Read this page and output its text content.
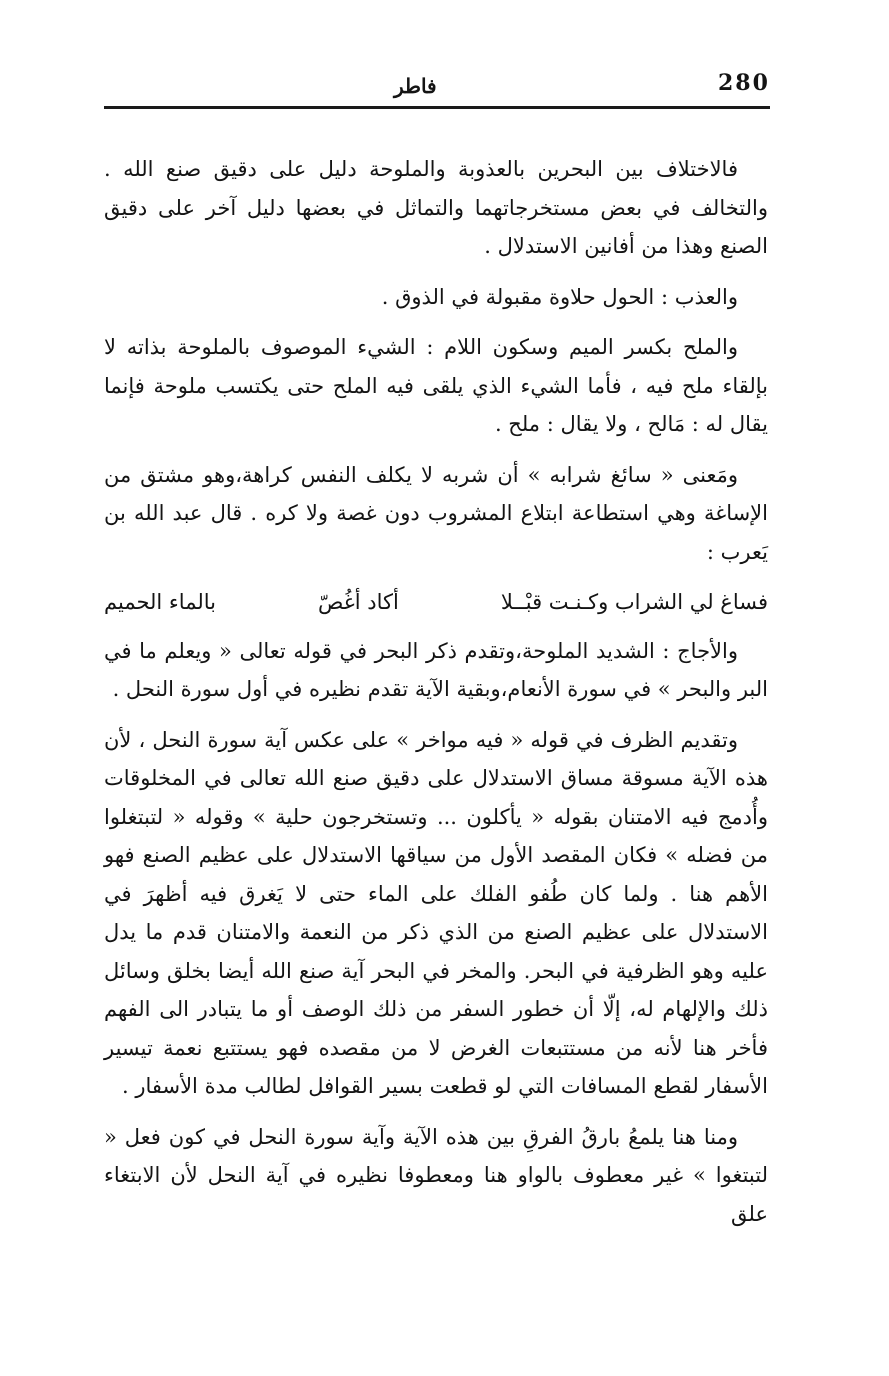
280
فاطر

فالاختلاف بين البحرين بالعذوبة والملوحة دليل على دقيق صنع الله . والتخالف في بعض مستخرجاتهما والتماثل في بعضها دليل آخر على دقيق الصنع وهذا من أفانين الاستدلال .

والعذب : الحول حلاوة مقبولة في الذوق .

والملح بكسر الميم وسكون اللام : الشيء الموصوف بالملوحة بذاته لا بإلقاء ملح فيه ، فأما الشيء الذي يلقى فيه الملح حتى يكتسب ملوحة فإنما يقال له : مَالح ، ولا يقال : ملح .

ومَعنى « سائغ شرابه » أن شربه لا يكلف النفس كراهة،وهو مشتق من الإساغة وهي استطاعة ابتلاع المشروب دون غصة ولا كره . قال عبد الله بن يَعرب :

فساغ لي الشراب وكـنـت قبْــلا
أكاد أغُصّ
بالماء الحميم

والأجاج : الشديد الملوحة،وتقدم ذكر البحر في قوله تعالى « ويعلم ما في البر والبحر » في سورة الأنعام،وبقية الآية تقدم نظيره في أول سورة النحل .

وتقديم الظرف في قوله « فيه مواخر » على عكس آية سورة النحل ، لأن هذه الآية مسوقة مساق الاستدلال على دقيق صنع الله تعالى في المخلوقات وأُدمج فيه الامتنان بقوله « يأكلون ... وتستخرجون حلية » وقوله « لتبتغلوا من فضله » فكان المقصد الأول من سياقها الاستدلال على عظيم الصنع فهو الأهم هنا . ولما كان طُفو الفلك على الماء حتى لا يَغرق فيه أظهرَ في الاستدلال على عظيم الصنع من الذي ذكر من النعمة والامتنان قدم ما يدل عليه وهو الظرفية في البحر. والمخر في البحر آية صنع الله أيضا بخلق وسائل ذلك والإلهام له، إلّا أن خطور السفر من ذلك الوصف أو ما يتبادر الى الفهم فأخر هنا لأنه من مستتبعات الغرض لا من مقصده فهو يستتبع نعمة تيسير الأسفار لقطع المسافات التي لو قطعت بسير القوافل لطالب مدة الأسفار .

ومنا هنا يلمعُ بارقُ الفرقِ بين هذه الآية وآية سورة النحل في كون فعل « لتبتغوا » غير معطوف بالواو هنا ومعطوفا نظيره في آية النحل لأن الابتغاء علق
